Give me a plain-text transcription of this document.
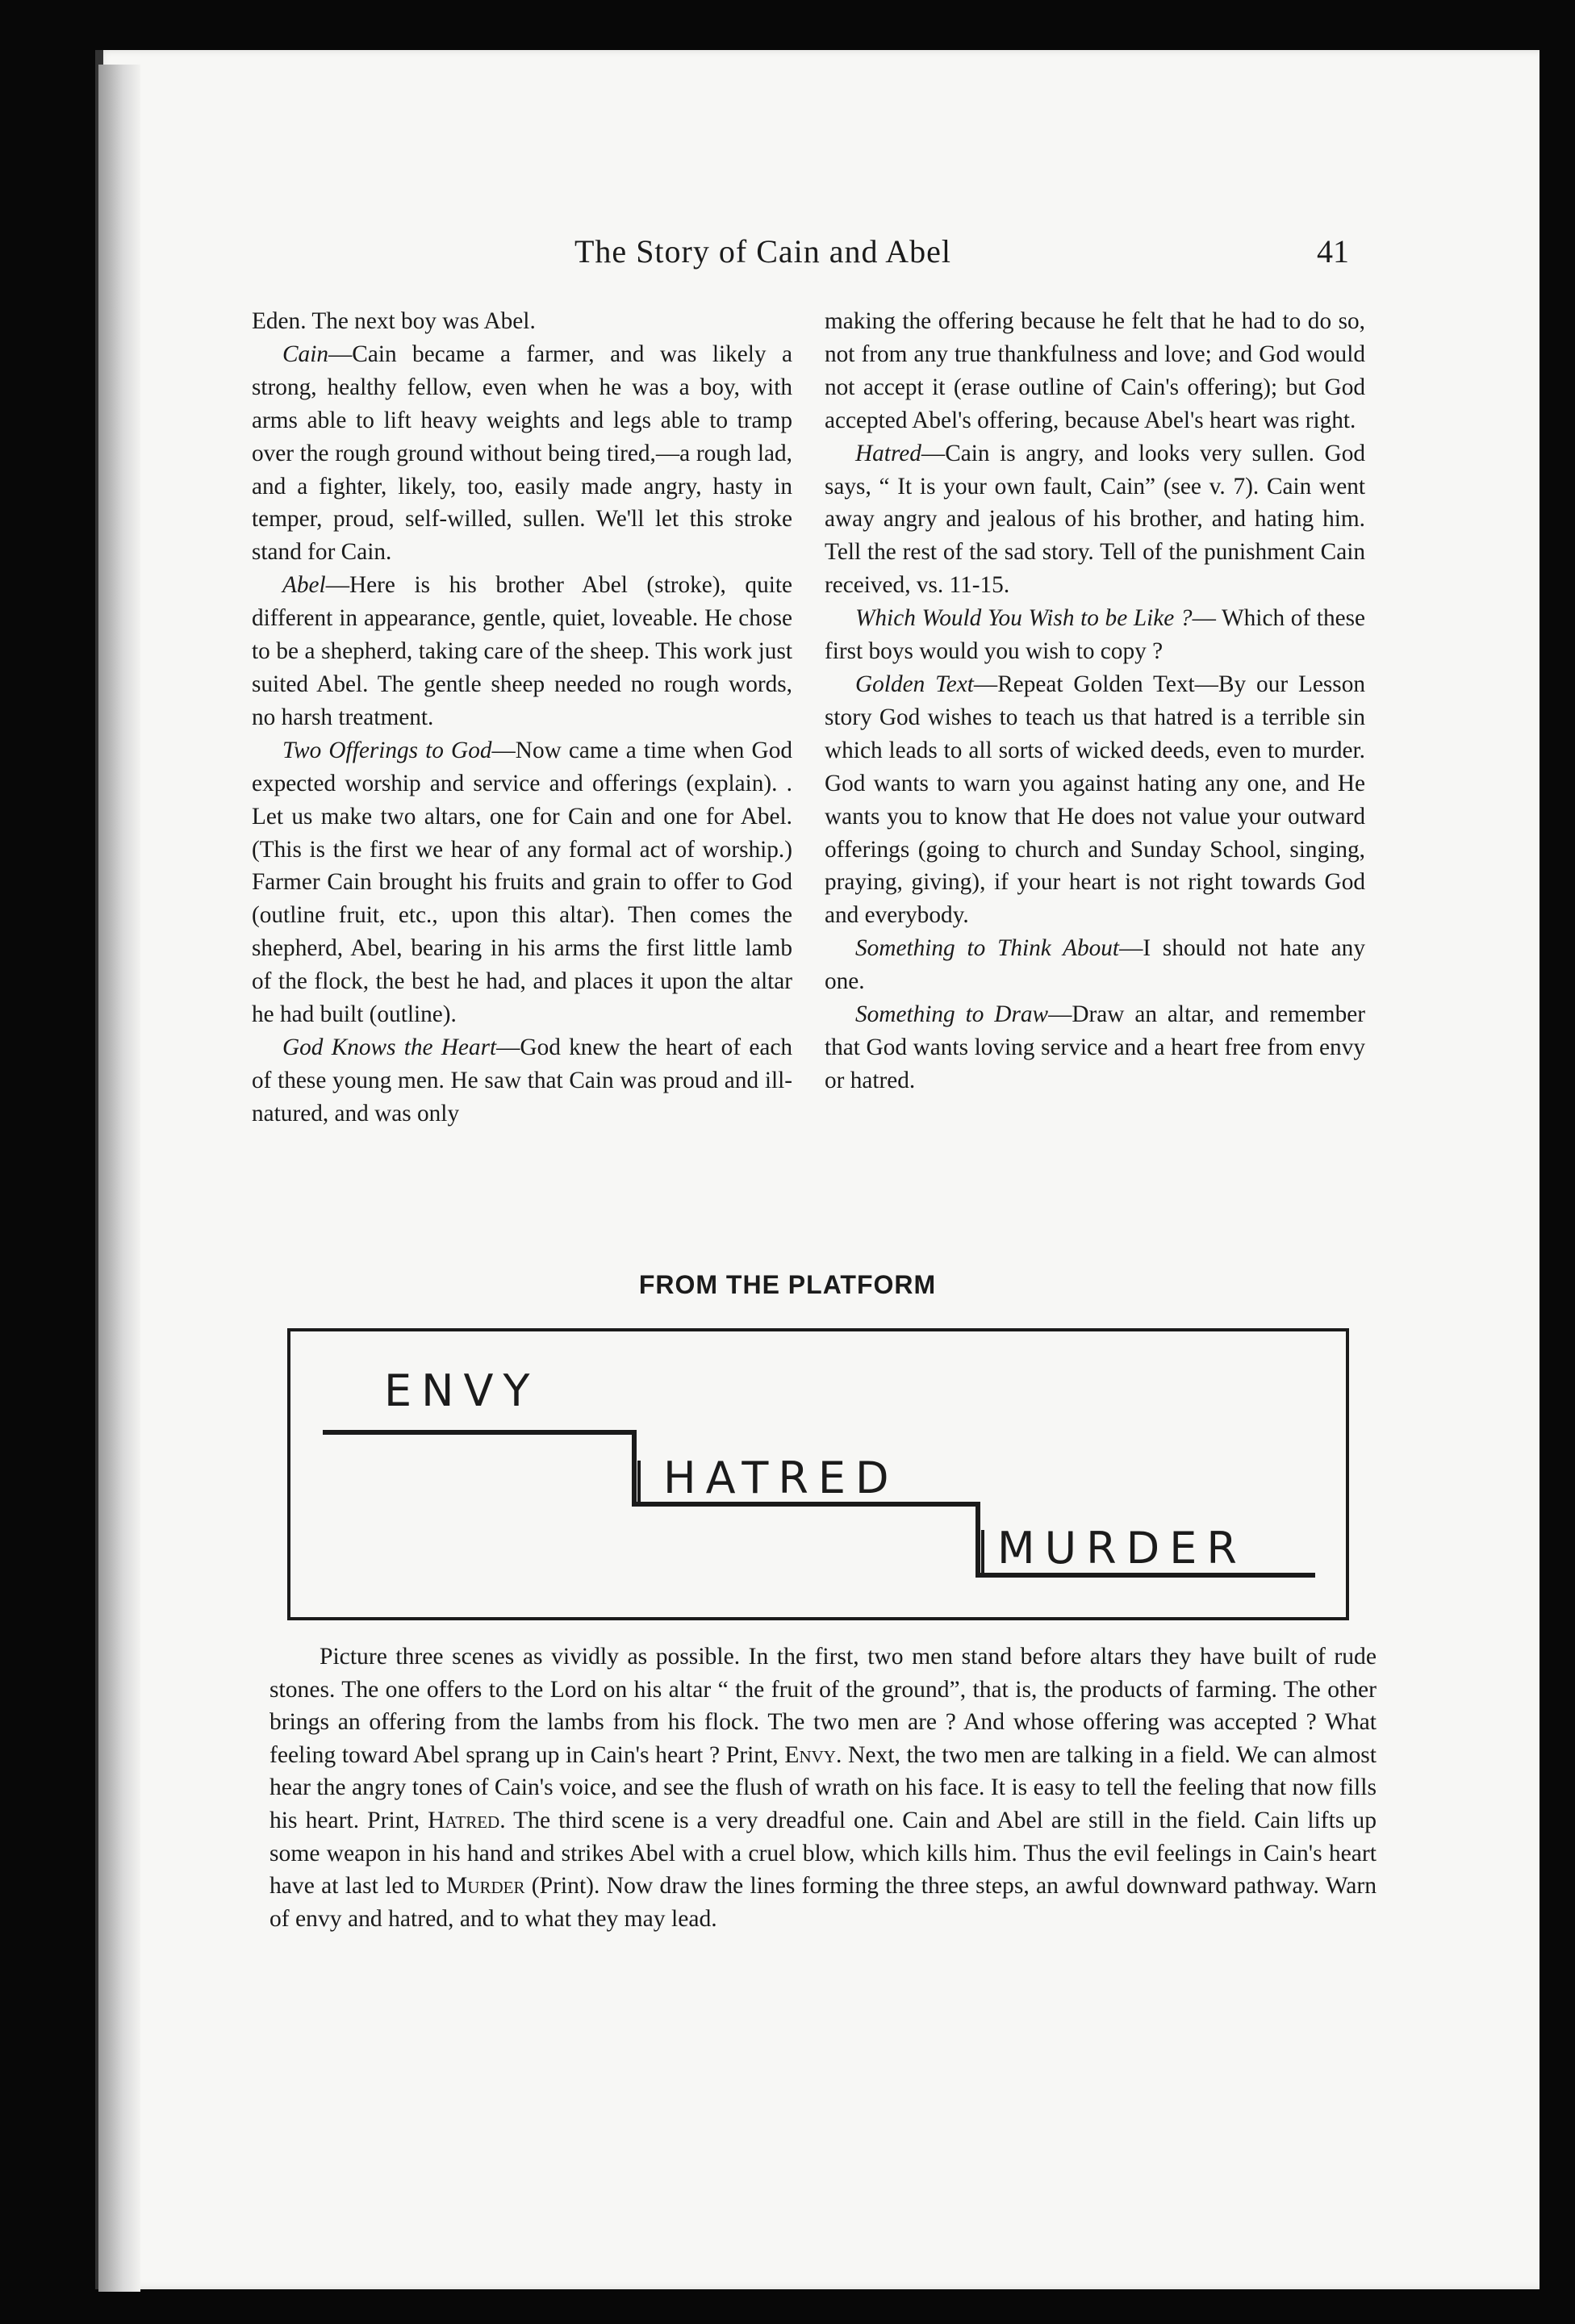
The Story of Cain and Abel	41

Eden. The next boy was Abel.

Cain—Cain became a farmer, and was likely a strong, healthy fellow, even when he was a boy, with arms able to lift heavy weights and legs able to tramp over the rough ground without being tired,—a rough lad, and a fighter, likely, too, easily made angry, hasty in temper, proud, self-willed, sullen. We'll let this stroke stand for Cain.

Abel—Here is his brother Abel (stroke), quite different in appearance, gentle, quiet, loveable. He chose to be a shepherd, taking care of the sheep. This work just suited Abel. The gentle sheep needed no rough words, no harsh treatment.

Two Offerings to God—Now came a time when God expected worship and service and offerings (explain). . Let us make two altars, one for Cain and one for Abel. (This is the first we hear of any formal act of worship.) Farmer Cain brought his fruits and grain to offer to God (outline fruit, etc., upon this altar). Then comes the shepherd, Abel, bearing in his arms the first little lamb of the flock, the best he had, and places it upon the altar he had built (outline).

God Knows the Heart—God knew the heart of each of these young men. He saw that Cain was proud and ill-natured, and was only

making the offering because he felt that he had to do so, not from any true thankfulness and love; and God would not accept it (erase outline of Cain's offering); but God accepted Abel's offering, because Abel's heart was right.

Hatred—Cain is angry, and looks very sullen. God says, “ It is your own fault, Cain” (see v. 7). Cain went away angry and jealous of his brother, and hating him. Tell the rest of the sad story. Tell of the punishment Cain received, vs. 11-15.

Which Would You Wish to be Like ?— Which of these first boys would you wish to copy ?

Golden Text—Repeat Golden Text—By our Lesson story God wishes to teach us that hatred is a terrible sin which leads to all sorts of wicked deeds, even to murder. God wants to warn you against hating any one, and He wants you to know that He does not value your outward offerings (going to church and Sunday School, singing, praying, giving), if your heart is not right towards God and everybody.

Something to Think About—I should not hate any one.

Something to Draw—Draw an altar, and remember that God wants loving service and a heart free from envy or hatred.

FROM THE PLATFORM
ENVY
HATRED
MURDER

Picture three scenes as vividly as possible. In the first, two men stand before altars they have built of rude stones. The one offers to the Lord on his altar “ the fruit of the ground”, that is, the products of farming. The other brings an offering from the lambs from his flock. The two men are ? And whose offering was accepted ? What feeling toward Abel sprang up in Cain's heart ? Print, Envy. Next, the two men are talking in a field. We can almost hear the angry tones of Cain's voice, and see the flush of wrath on his face. It is easy to tell the feeling that now fills his heart. Print, Hatred. The third scene is a very dreadful one. Cain and Abel are still in the field. Cain lifts up some weapon in his hand and strikes Abel with a cruel blow, which kills him. Thus the evil feelings in Cain's heart have at last led to Murder (Print). Now draw the lines forming the three steps, an awful downward pathway. Warn of envy and hatred, and to what they may lead.
